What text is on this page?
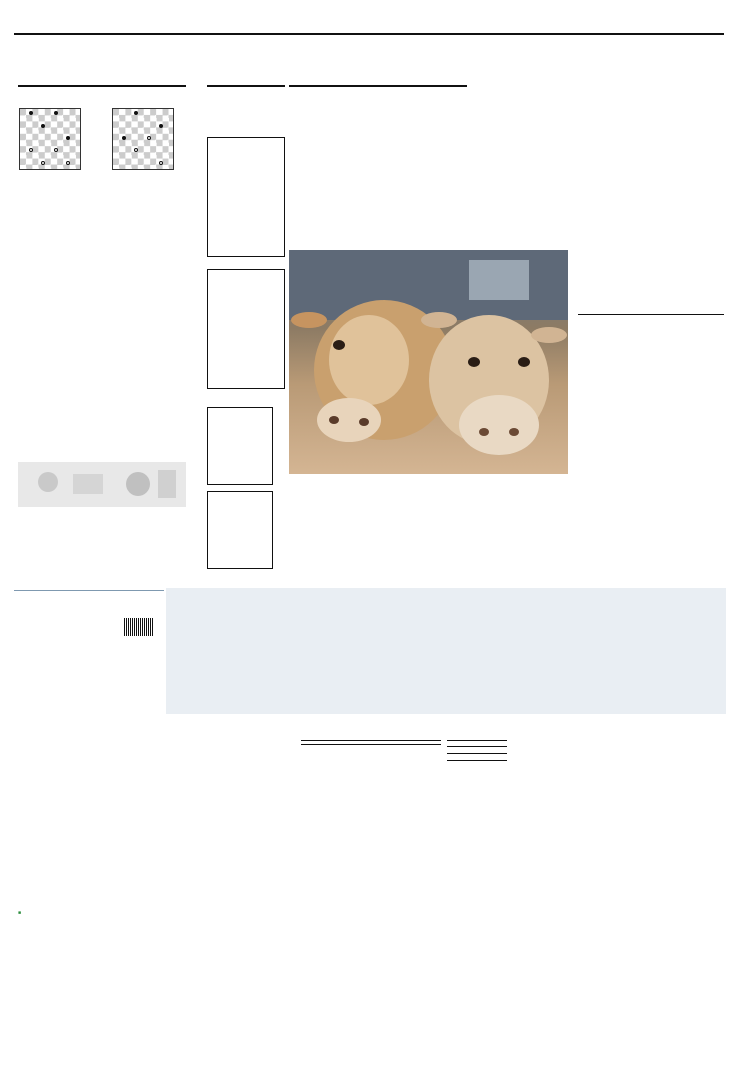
■
